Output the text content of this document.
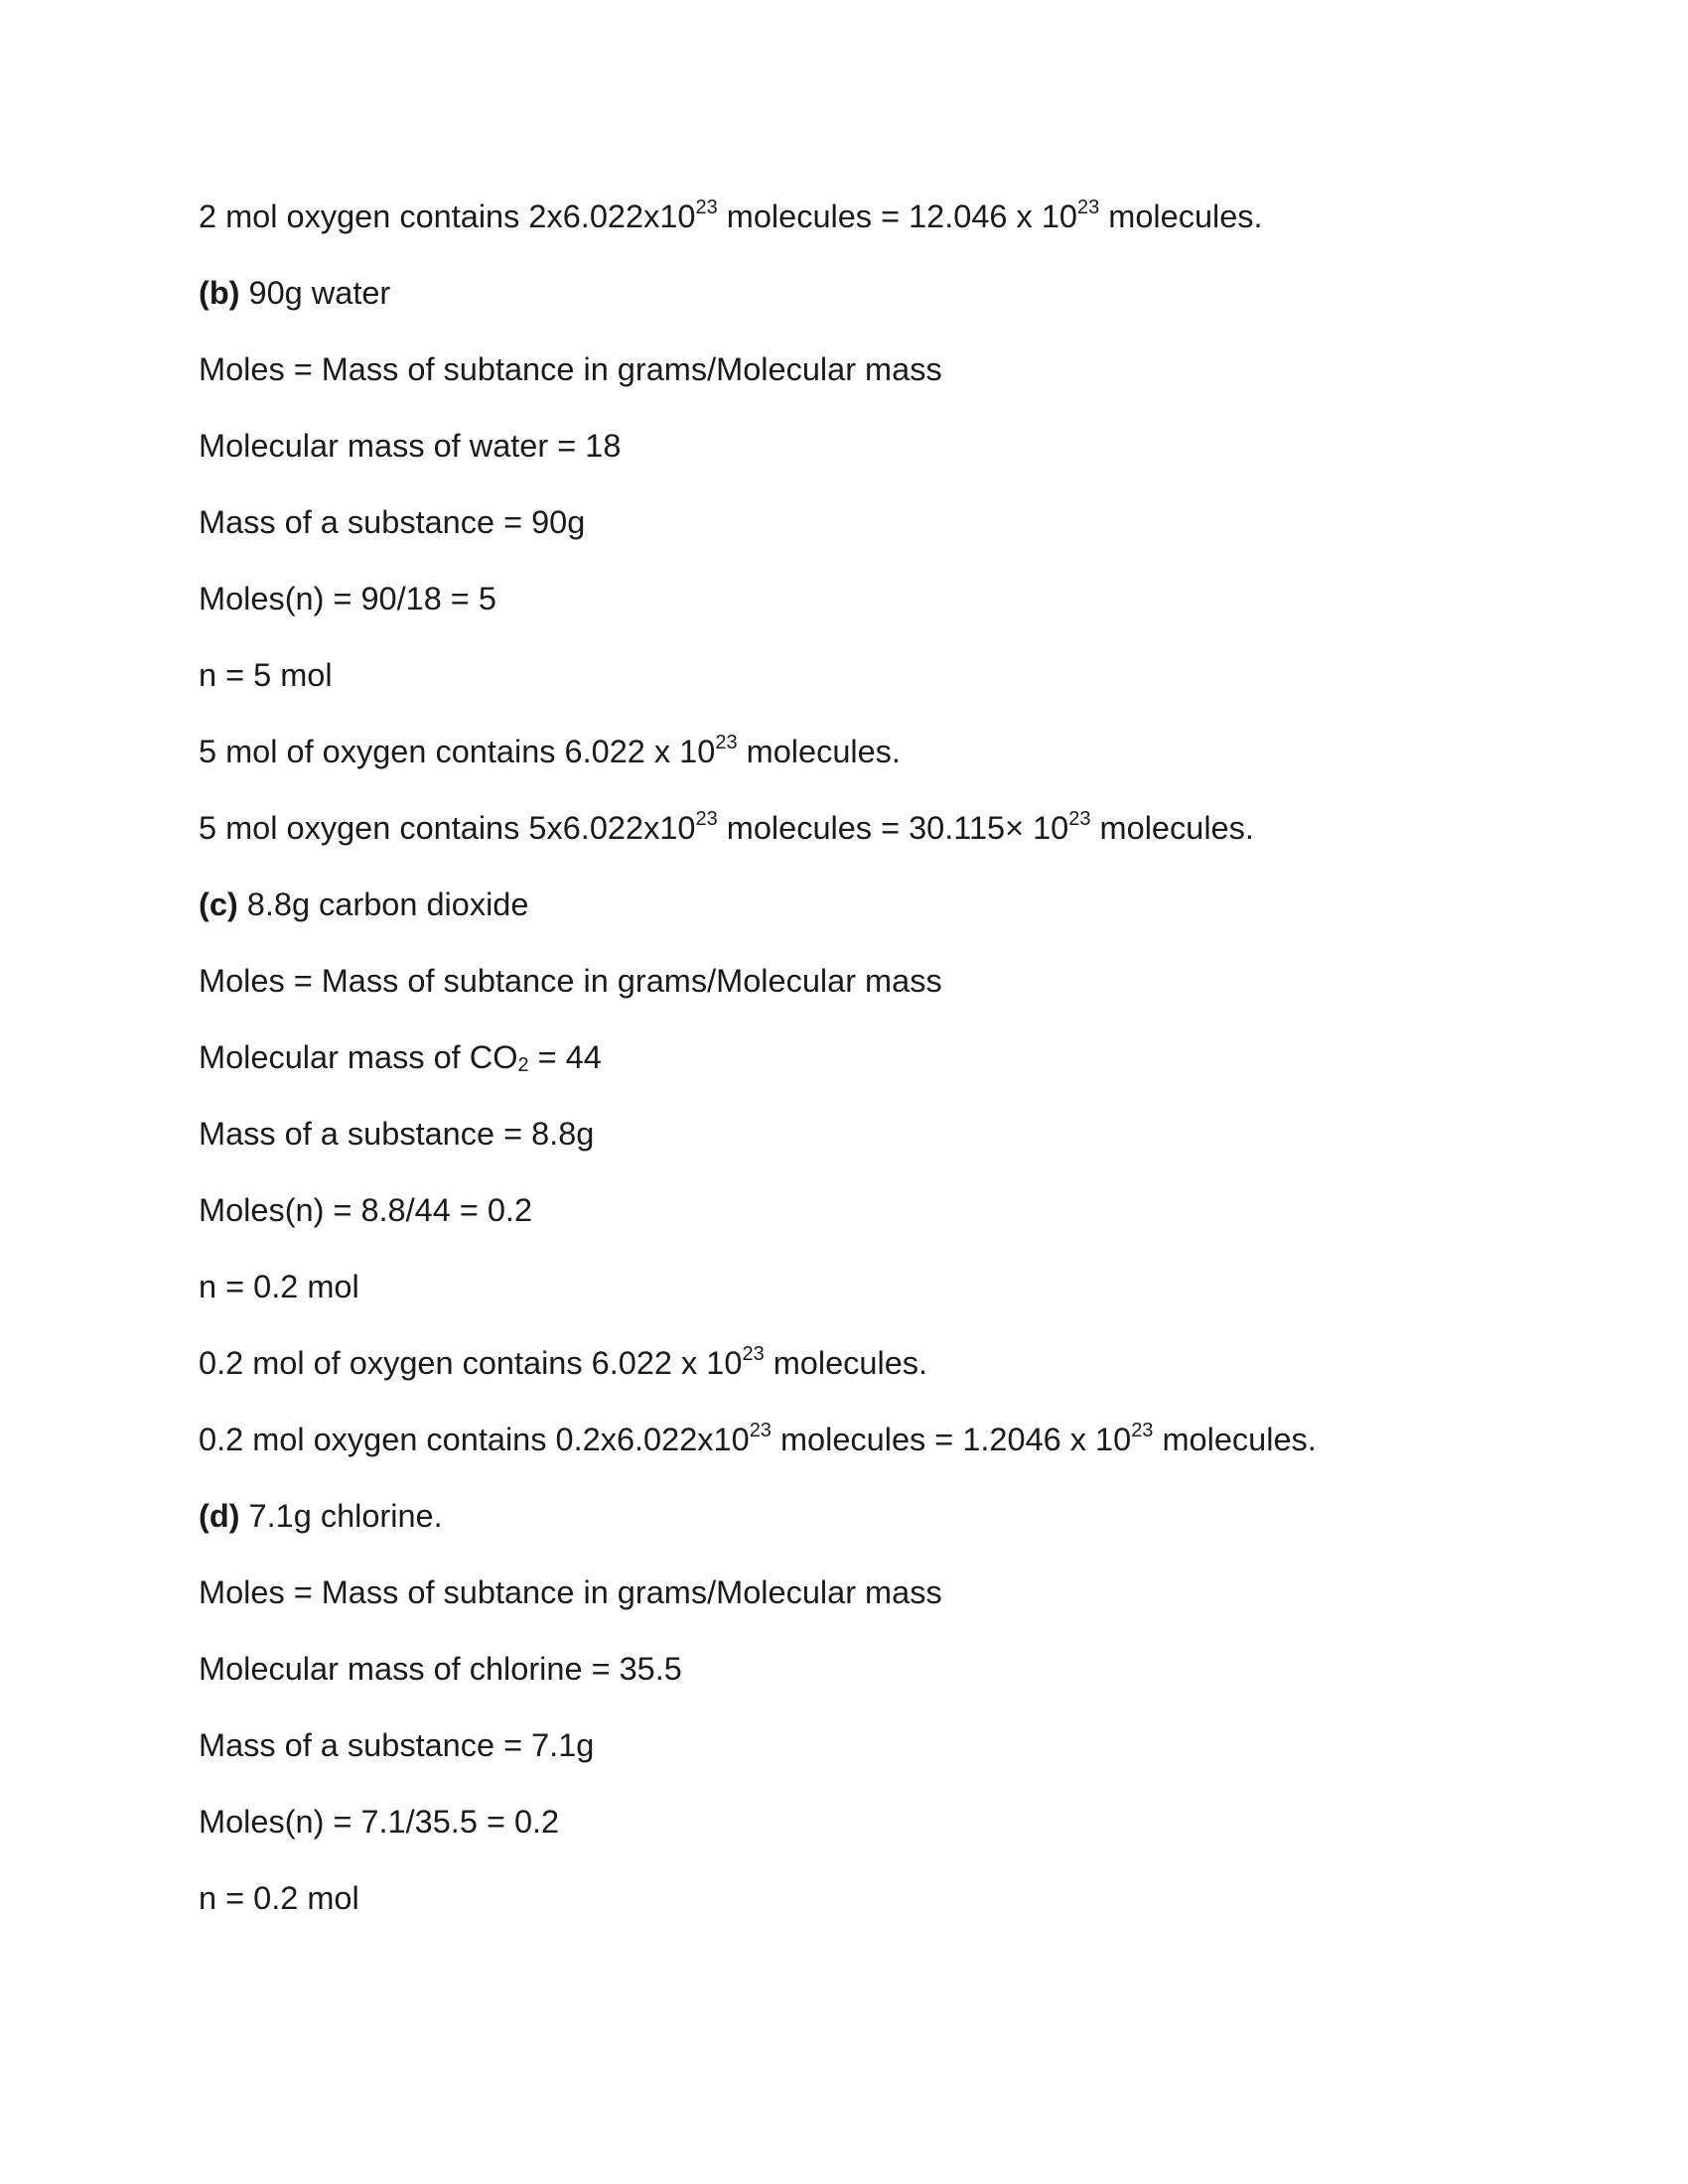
2 mol oxygen contains $2x6.022x10^{23}$ molecules = 12.046 x $10^{23}$ molecules.
(b) 90g water
Moles = Mass of subtance in grams/Molecular mass
Molecular mass of water = 18
Mass of a substance = 90g
Moles(n) = 90/18 = 5
n = 5 mol
5 mol of oxygen contains 6.022 x $10^{23}$ molecules.
5 mol oxygen contains $5x6.022x10^{23}$ molecules = $30.115\times 10^{23}$ molecules.
(c) 8.8g carbon dioxide
Moles = Mass of subtance in grams/Molecular mass
Molecular mass of $CO_2 = 44$
Mass of a substance = 8.8g
Moles(n) = 8.8/44 = 0.2
n = 0.2 mol
0.2 mol of oxygen contains 6.022 x $10^{23}$ molecules.
0.2 mol oxygen contains $0.2x6.022x10^{23}$ molecules = 1.2046 x $10^{23}$ molecules.
(d) 7.1g chlorine.
Moles = Mass of subtance in grams/Molecular mass
Molecular mass of chlorine = 35.5
Mass of a substance = 7.1g
Moles(n) = 7.1/35.5 = 0.2
n = 0.2 mol
